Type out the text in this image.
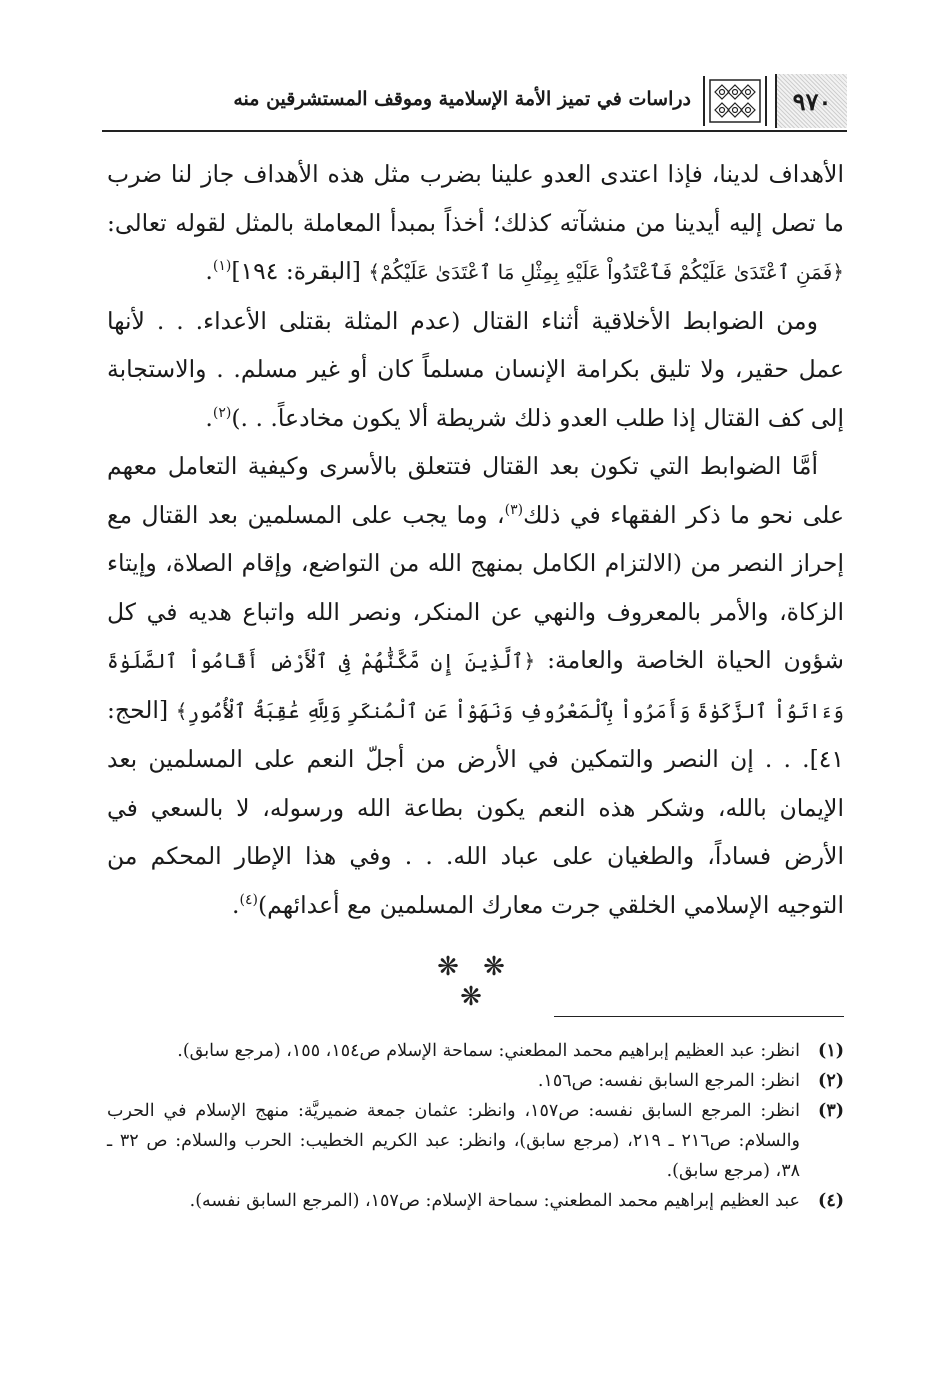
٩٧٠
دراسات في تميز الأمة الإسلامية وموقف المستشرقين منه

الأهداف لدينا، فإذا اعتدى العدو علينا بضرب مثل هذه الأهداف جاز لنا ضرب ما تصل إليه أيدينا من منشآته كذلك؛ أخذاً بمبدأ المعاملة بالمثل لقوله تعالى: ﴿فَمَنِ ٱعْتَدَىٰ عَلَيْكُمْ فَٱعْتَدُواْ عَلَيْهِ بِمِثْلِ مَا ٱعْتَدَىٰ عَلَيْكُمْ﴾ [البقرة: ١٩٤]$^{(١)}$.

ومن الضوابط الأخلاقية أثناء القتال (عدم المثلة بقتلى الأعداء. . . لأنها عمل حقير، ولا تليق بكرامة الإنسان مسلماً كان أو غير مسلم. . والاستجابة إلى كف القتال إذا طلب العدو ذلك شريطة ألا يكون مخادعاً. . .)$^{(٢)}$.

أمَّا الضوابط التي تكون بعد القتال فتتعلق بالأسرى وكيفية التعامل معهم على نحو ما ذكر الفقهاء في ذلك$^{(٣)}$، وما يجب على المسلمين بعد القتال مع إحراز النصر من (الالتزام الكامل بمنهج الله من التواضع، وإقام الصلاة، وإيتاء الزكاة، والأمر بالمعروف والنهي عن المنكر، ونصر الله واتباع هديه في كل شؤون الحياة الخاصة والعامة: ﴿ٱلَّذِينَ إِن مَّكَّنَّٰهُمْ فِى ٱلْأَرْضِ أَقَامُواْ ٱلصَّلَوٰةَ وَءَاتَوُاْ ٱلزَّكَوٰةَ وَأَمَرُواْ بِٱلْمَعْرُوفِ وَنَهَوْاْ عَنِ ٱلْمُنكَرِ وَلِلَّهِ عَٰقِبَةُ ٱلْأُمُورِ﴾ [الحج: ٤١]. . . إن النصر والتمكين في الأرض من أجلّ النعم على المسلمين بعد الإيمان بالله، وشكر هذه النعم يكون بطاعة الله ورسوله، لا بالسعي في الأرض فساداً، والطغيان على عباد الله. . . وفي هذا الإطار المحكم من التوجيه الإسلامي الخلقي جرت معارك المسلمين مع أعدائهم)$^{(٤)}$.

❋ ❋ ❋
(١)
انظر: عبد العظيم إبراهيم محمد المطعني: سماحة الإسلام ص١٥٤، ١٥٥، (مرجع سابق).
(٢)
انظر: المرجع السابق نفسه: ص١٥٦.
(٣)
انظر: المرجع السابق نفسه: ص١٥٧، وانظر: عثمان جمعة ضميريَّة: منهج الإسلام في الحرب والسلام: ص٢١٦ ـ ٢١٩، (مرجع سابق)، وانظر: عبد الكريم الخطيب: الحرب والسلام: ص ٣٢ ـ ٣٨، (مرجع سابق).
(٤)
عبد العظيم إبراهيم محمد المطعني: سماحة الإسلام: ص١٥٧، (المرجع السابق نفسه).
